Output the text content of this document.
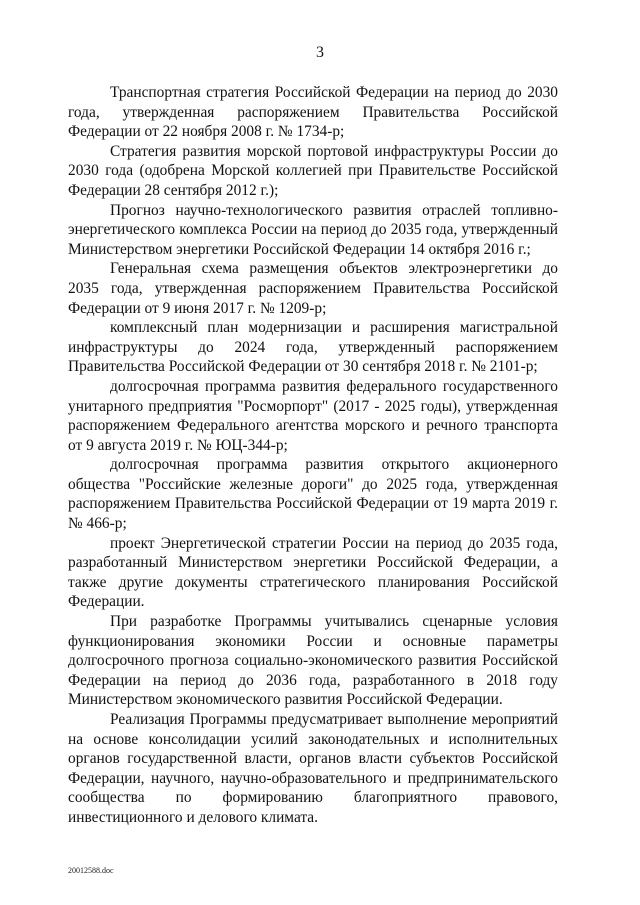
3

Транспортная стратегия Российской Федерации на период до 2030 года, утвержденная распоряжением Правительства Российской Федерации от 22 ноября 2008 г. № 1734-р;

Стратегия развития морской портовой инфраструктуры России до 2030 года (одобрена Морской коллегией при Правительстве Российской Федерации 28 сентября 2012 г.);

Прогноз научно-технологического развития отраслей топливно-энергетического комплекса России на период до 2035 года, утвержденный Министерством энергетики Российской Федерации 14 октября 2016 г.;

Генеральная схема размещения объектов электроэнергетики до 2035 года, утвержденная распоряжением Правительства Российской Федерации от 9 июня 2017 г. № 1209-р;

комплексный план модернизации и расширения магистральной инфраструктуры до 2024 года, утвержденный распоряжением Правительства Российской Федерации от 30 сентября 2018 г. № 2101-р;

долгосрочная программа развития федерального государственного унитарного предприятия "Росморпорт" (2017 - 2025 годы), утвержденная распоряжением Федерального агентства морского и речного транспорта от 9 августа 2019 г. № ЮЦ-344-р;

долгосрочная программа развития открытого акционерного общества "Российские железные дороги" до 2025 года, утвержденная распоряжением Правительства Российской Федерации от 19 марта 2019 г. № 466-р;

проект Энергетической стратегии России на период до 2035 года, разработанный Министерством энергетики Российской Федерации, а также другие документы стратегического планирования Российской Федерации.

При разработке Программы учитывались сценарные условия функционирования экономики России и основные параметры долгосрочного прогноза социально-экономического развития Российской Федерации на период до 2036 года, разработанного в 2018 году Министерством экономического развития Российской Федерации.

Реализация Программы предусматривает выполнение мероприятий на основе консолидации усилий законодательных и исполнительных органов государственной власти, органов власти субъектов Российской Федерации, научного, научно-образовательного и предпринимательского сообщества по формированию благоприятного правового, инвестиционного и делового климата.

20012588.doc
